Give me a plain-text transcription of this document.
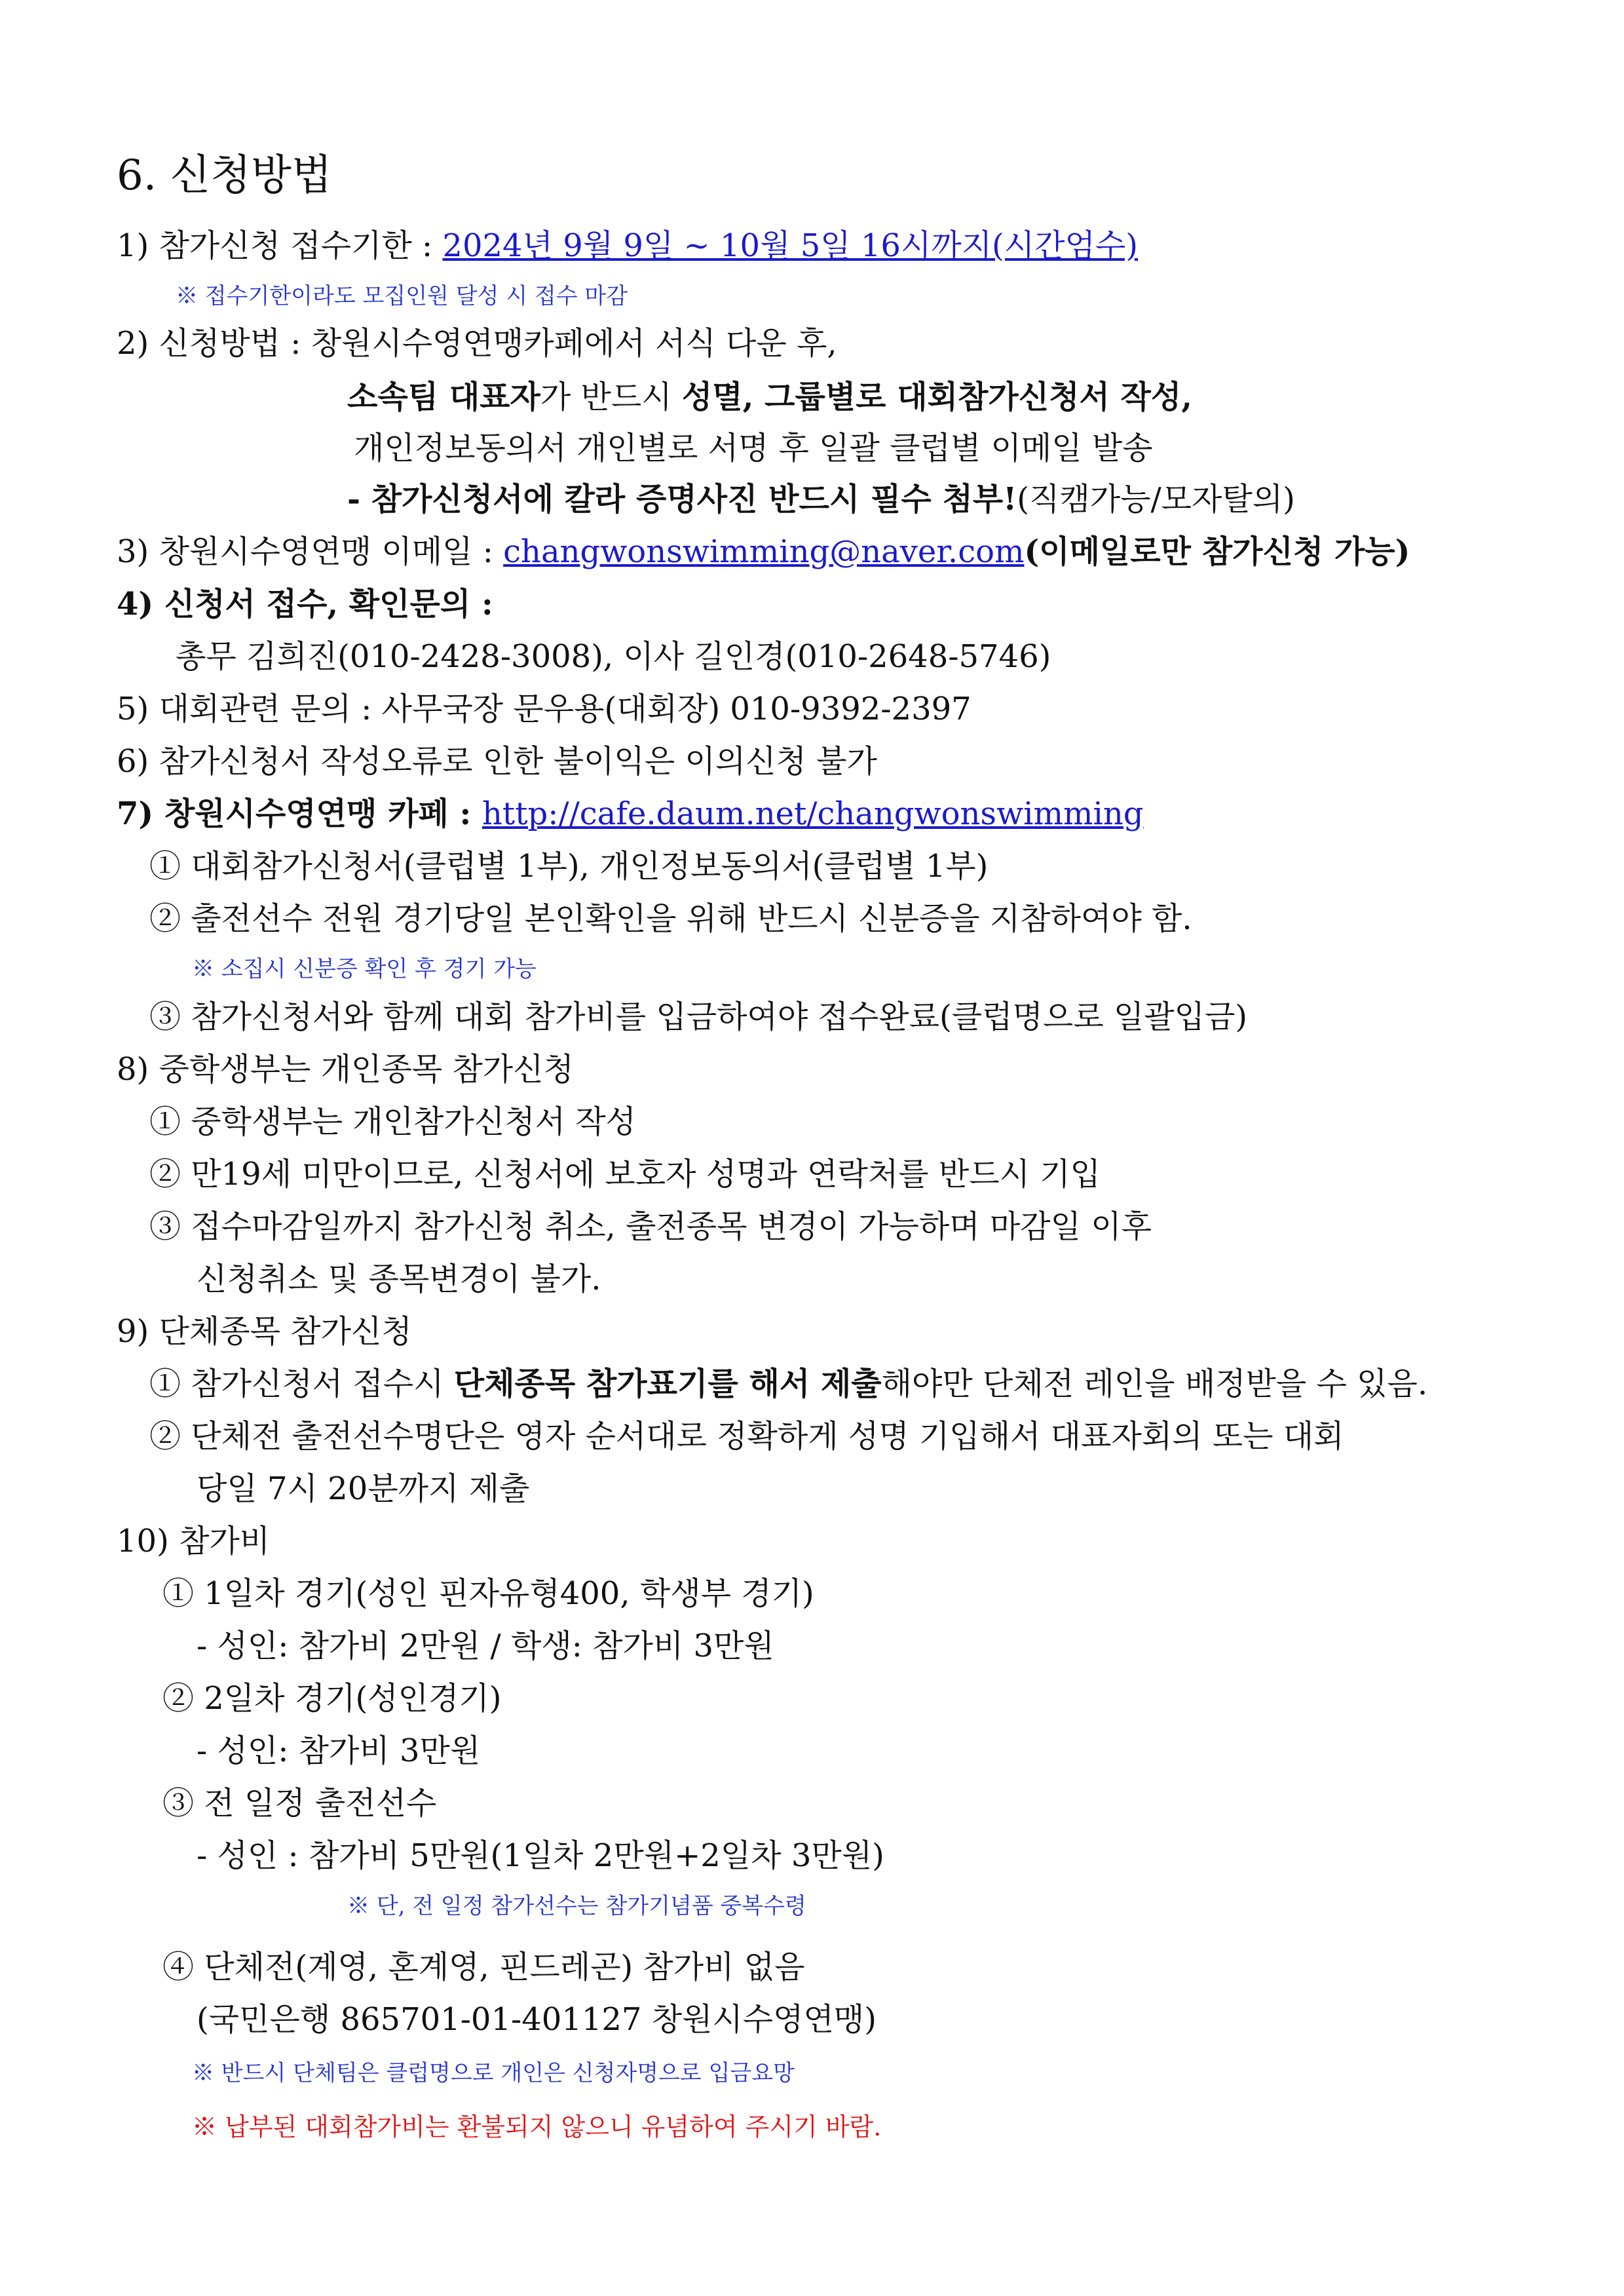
6. 신청방법
1) 참가신청 접수기한 : 2024년 9월 9일 ~ 10월 5일 16시까지(시간엄수)
※ 접수기한이라도 모집인원 달성 시 접수 마감
2) 신청방법 : 창원시수영연맹카페에서 서식 다운 후,
소속팀 대표자가 반드시 성멸, 그룹별로 대회참가신청서 작성,
개인정보동의서 개인별로 서명 후 일괄 클럽별 이메일 발송
- 참가신청서에 칼라 증명사진 반드시 필수 첨부!(직캠가능/모자탈의)
3) 창원시수영연맹 이메일 : changwonswimming@naver.com(이메일로만 참가신청 가능)
4) 신청서 접수, 확인문의 :
총무 김희진(010-2428-3008), 이사 길인경(010-2648-5746)
5) 대회관련 문의 : 사무국장 문우용(대회장) 010-9392-2397
6) 참가신청서 작성오류로 인한 불이익은 이의신청 불가
7) 창원시수영연맹 카페 : http://cafe.daum.net/changwonswimming
① 대회참가신청서(클럽별 1부), 개인정보동의서(클럽별 1부)
② 출전선수 전원 경기당일 본인확인을 위해 반드시 신분증을 지참하여야 함.
※ 소집시 신분증 확인 후 경기 가능
③ 참가신청서와 함께 대회 참가비를 입금하여야 접수완료(클럽명으로 일괄입금)
8) 중학생부는 개인종목 참가신청
① 중학생부는 개인참가신청서 작성
② 만19세 미만이므로, 신청서에 보호자 성명과 연락처를 반드시 기입
③ 접수마감일까지 참가신청 취소, 출전종목 변경이 가능하며 마감일 이후
신청취소 및 종목변경이 불가.
9) 단체종목 참가신청
① 참가신청서 접수시 단체종목 참가표기를 해서 제출해야만 단체전 레인을 배정받을 수 있음.
② 단체전 출전선수명단은 영자 순서대로 정확하게 성명 기입해서 대표자회의 또는 대회
당일 7시 20분까지 제출
10) 참가비
① 1일차 경기(성인 핀자유형400, 학생부 경기)
- 성인: 참가비 2만원 / 학생: 참가비 3만원
② 2일차 경기(성인경기)
- 성인: 참가비 3만원
③ 전 일정 출전선수
- 성인 : 참가비 5만원(1일차 2만원+2일차 3만원)
※ 단, 전 일정 참가선수는 참가기념품 중복수령
④ 단체전(계영, 혼계영, 핀드레곤) 참가비 없음
(국민은행 865701-01-401127 창원시수영연맹)
※ 반드시 단체팀은 클럽명으로 개인은 신청자명으로 입금요망
※ 납부된 대회참가비는 환불되지 않으니 유념하여 주시기 바람.
